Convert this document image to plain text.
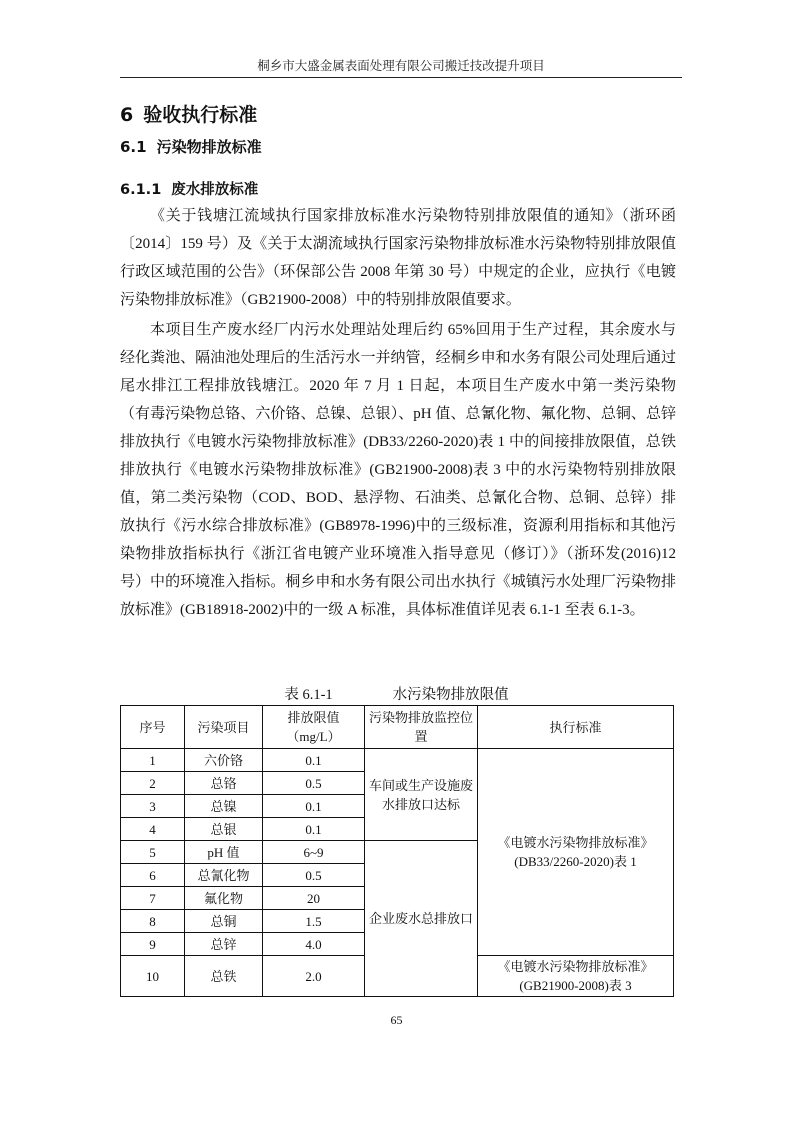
桐乡市大盛金属表面处理有限公司搬迁技改提升项目
6 验收执行标准
6.1 污染物排放标准
6.1.1 废水排放标准

《关于钱塘江流域执行国家排放标准水污染物特别排放限值的通知》（浙环函〔2014〕159 号）及《关于太湖流域执行国家污染物排放标准水污染物特别排放限值行政区域范围的公告》（环保部公告 2008 年第 30 号）中规定的企业，应执行《电镀污染物排放标准》（GB21900-2008）中的特别排放限值要求。

本项目生产废水经厂内污水处理站处理后约 65%回用于生产过程，其余废水与经化粪池、隔油池处理后的生活污水一并纳管，经桐乡申和水务有限公司处理后通过尾水排江工程排放钱塘江。2020 年 7 月 1 日起，本项目生产废水中第一类污染物（有毒污染物总铬、六价铬、总镍、总银）、pH 值、总氰化物、氟化物、总铜、总锌排放执行《电镀水污染物排放标准》(DB33/2260-2020)表 1 中的间接排放限值，总铁排放执行《电镀水污染物排放标准》(GB21900-2008)表 3 中的水污染物特别排放限值，第二类污染物（COD、BOD、悬浮物、石油类、总氰化合物、总铜、总锌）排放执行《污水综合排放标准》(GB8978-1996)中的三级标准，资源利用指标和其他污染物排放指标执行《浙江省电镀产业环境准入指导意见（修订）》（浙环发(2016)12 号）中的环境准入指标。桐乡申和水务有限公司出水执行《城镇污水处理厂污染物排放标准》(GB18918-2002)中的一级 A 标准，具体标准值详见表 6.1-1 至表 6.1-3。

表 6.1-1	水污染物排放限值
序号	污染项目	排放限值（mg/L）	污染物排放监控位置	执行标准
1	六价铬	0.1	车间或生产设施废水排放口达标	《电镀水污染物排放标准》
(DB33/2260-2020)表 1

2	总铬	0.5		
3	总镍	0.1		
4	总银	0.1		
5	pH 值	6~9	企业废水总排放口	
6	总氰化物	0.5		
7	氟化物	20		
8	总铜	1.5		
9	总锌	4.0		
10	总铁	2.0		《电镀水污染物排放标准》
(GB21900-2008)表 3
65
